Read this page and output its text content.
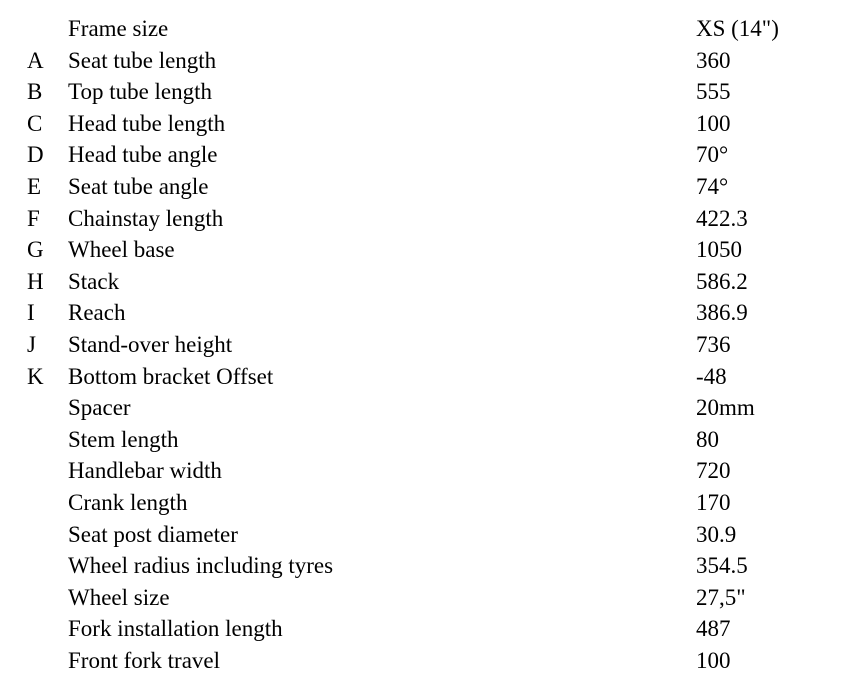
	Frame size	XS (14")
A	Seat tube length	360
B	Top tube length	555
C	Head tube length	100
D	Head tube angle	70°
E	Seat tube angle	74°
F	Chainstay length	422.3
G	Wheel base	1050
H	Stack	586.2
I	Reach	386.9
J	Stand-over height	736
K	Bottom bracket Offset	-48
	Spacer	20mm
	Stem length	80
	Handlebar width	720
	Crank length	170
	Seat post diameter	30.9
	Wheel radius including tyres	354.5
	Wheel size	27,5"
	Fork installation length	487
	Front fork travel	100
